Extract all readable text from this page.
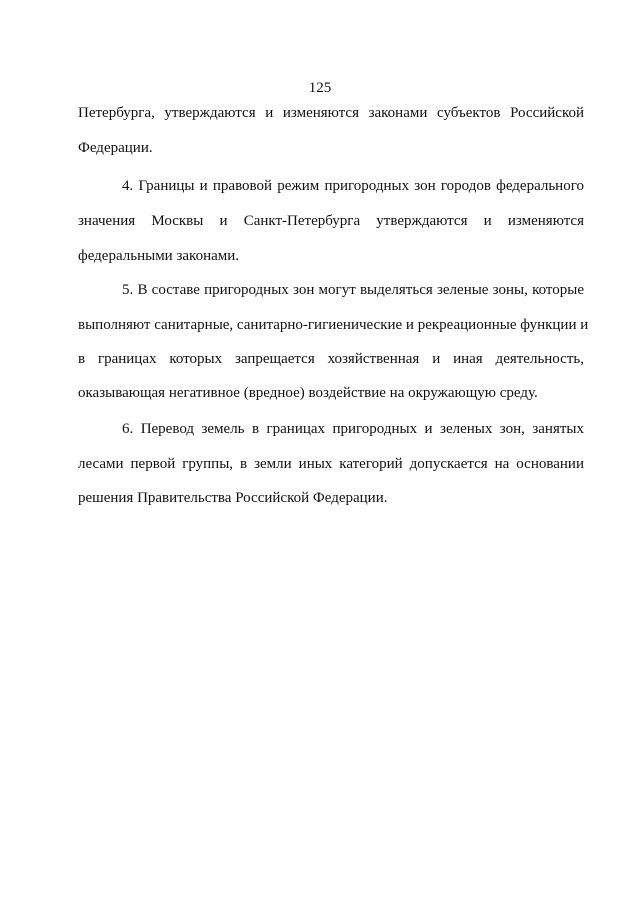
125
Петербурга, утверждаются и изменяются законами субъектов Российской
Федерации.
4. Границы и правовой режим пригородных зон городов федерального
значения Москвы и Санкт-Петербурга утверждаются и изменяются
федеральными законами.
5. В составе пригородных зон могут выделяться зеленые зоны, которые
выполняют санитарные, санитарно-гигиенические и рекреационные функции и
в границах которых запрещается хозяйственная и иная деятельность,
оказывающая негативное (вредное) воздействие на окружающую среду.
6. Перевод земель в границах пригородных и зеленых зон, занятых
лесами первой группы, в земли иных категорий допускается на основании
решения Правительства Российской Федерации.
